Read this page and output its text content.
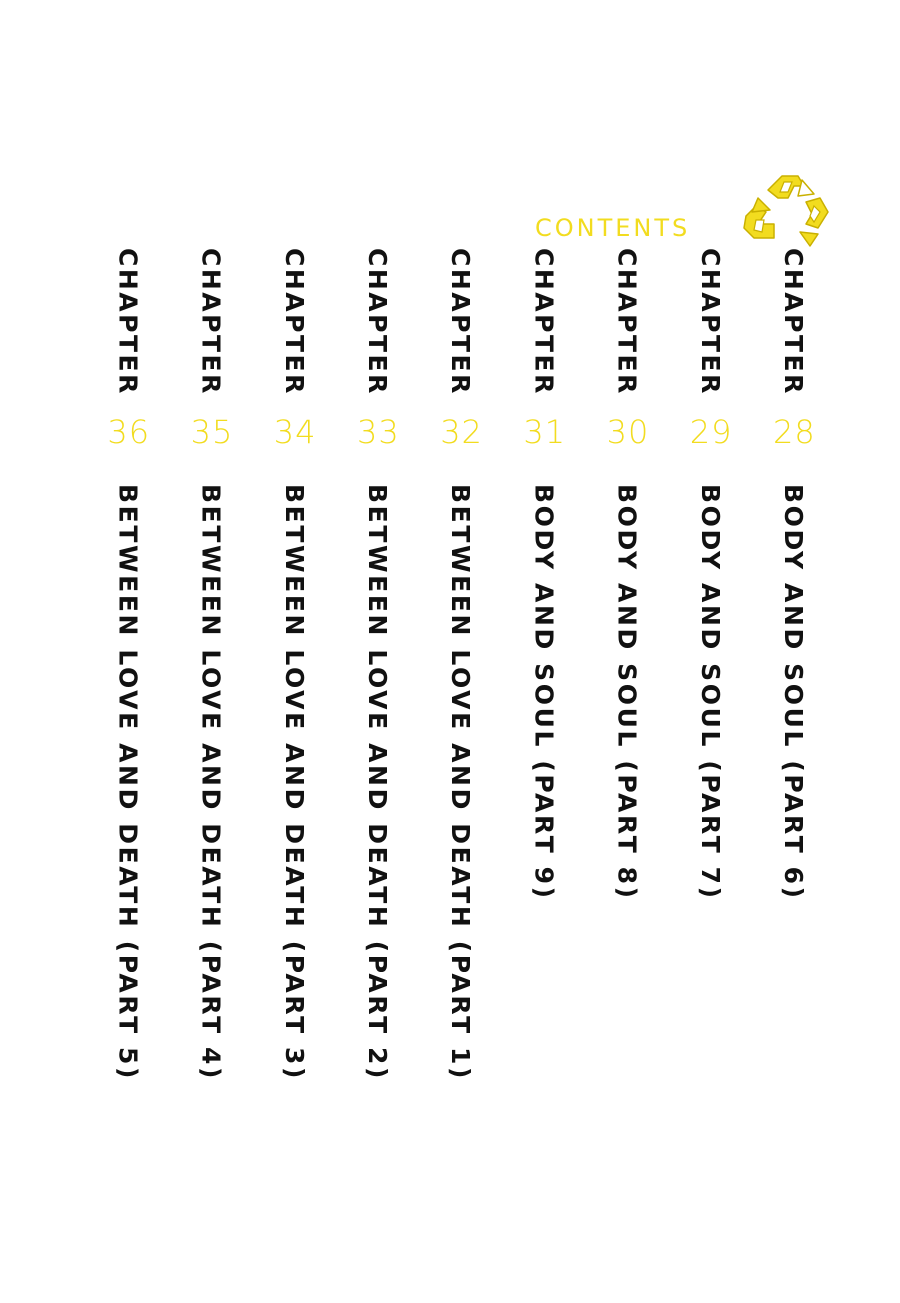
CONTENTS
CHAPTER
28
BODY AND SOUL (PART 6)
CHAPTER
29
BODY AND SOUL (PART 7)
CHAPTER
30
BODY AND SOUL (PART 8)
CHAPTER
31
BODY AND SOUL (PART 9)
CHAPTER
32
BETWEEN LOVE AND DEATH (PART 1)
CHAPTER
33
BETWEEN LOVE AND DEATH (PART 2)
CHAPTER
34
BETWEEN LOVE AND DEATH (PART 3)
CHAPTER
35
BETWEEN LOVE AND DEATH (PART 4)
CHAPTER
36
BETWEEN LOVE AND DEATH (PART 5)
